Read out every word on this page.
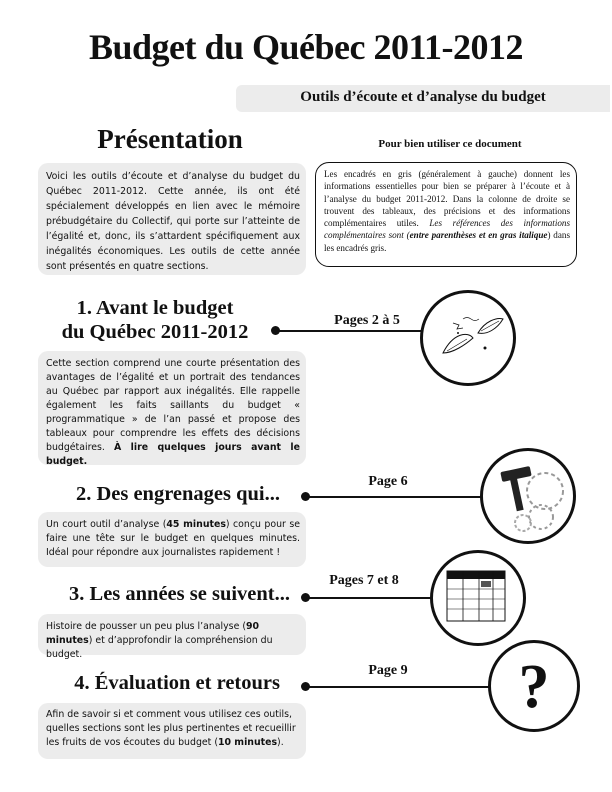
Budget du Québec 2011-2012
Outils d’écoute et d’analyse du budget
Présentation	Pour bien utiliser ce document
Voici les outils d’écoute et d’analyse du budget du Québec 2011-2012. Cette année, ils ont été spécialement développés en lien avec le mémoire prébudgétaire du Collectif, qui porte sur l’atteinte de l’égalité et, donc, ils s’attardent spécifiquement aux inégalités économiques. Les outils de cette année sont présentés en quatre sections.
Les encadrés en gris (généralement à gauche) donnent les informations essentielles pour bien se préparer à l’écoute et à l’analyse du budget 2011-2012. Dans la colonne de droite se trouvent des tableaux, des précisions et des informations complémentaires utiles. Les références des informations complémentaires sont (entre parenthèses et en gras italique) dans les encadrés gris.
1. Avant le budget
du Québec 2011-2012
Pages 2 à 5
Cette section comprend une courte présentation des avantages de l’égalité et un portrait des tendances au Québec par rapport aux inégalités. Elle rappelle également les faits saillants du budget « programmatique » de l’an passé et propose des tableaux pour comprendre les effets des décisions budgétaires. À lire quelques jours avant le budget.
2. Des engrenages qui...
Page 6
Un court outil d’analyse (45 minutes) conçu pour se faire une tête sur le budget en quelques minutes. Idéal pour répondre aux journalistes rapidement !
3. Les années se suivent...
Pages 7 et 8
Histoire de pousser un peu plus l’analyse (90 minutes) et d’approfondir la compréhension du budget.
4. Évaluation et retours
Page 9	?
Afin de savoir si et comment vous utilisez ces outils, quelles sections sont les plus pertinentes et recueillir les fruits de vos écoutes du budget (10 minutes).
